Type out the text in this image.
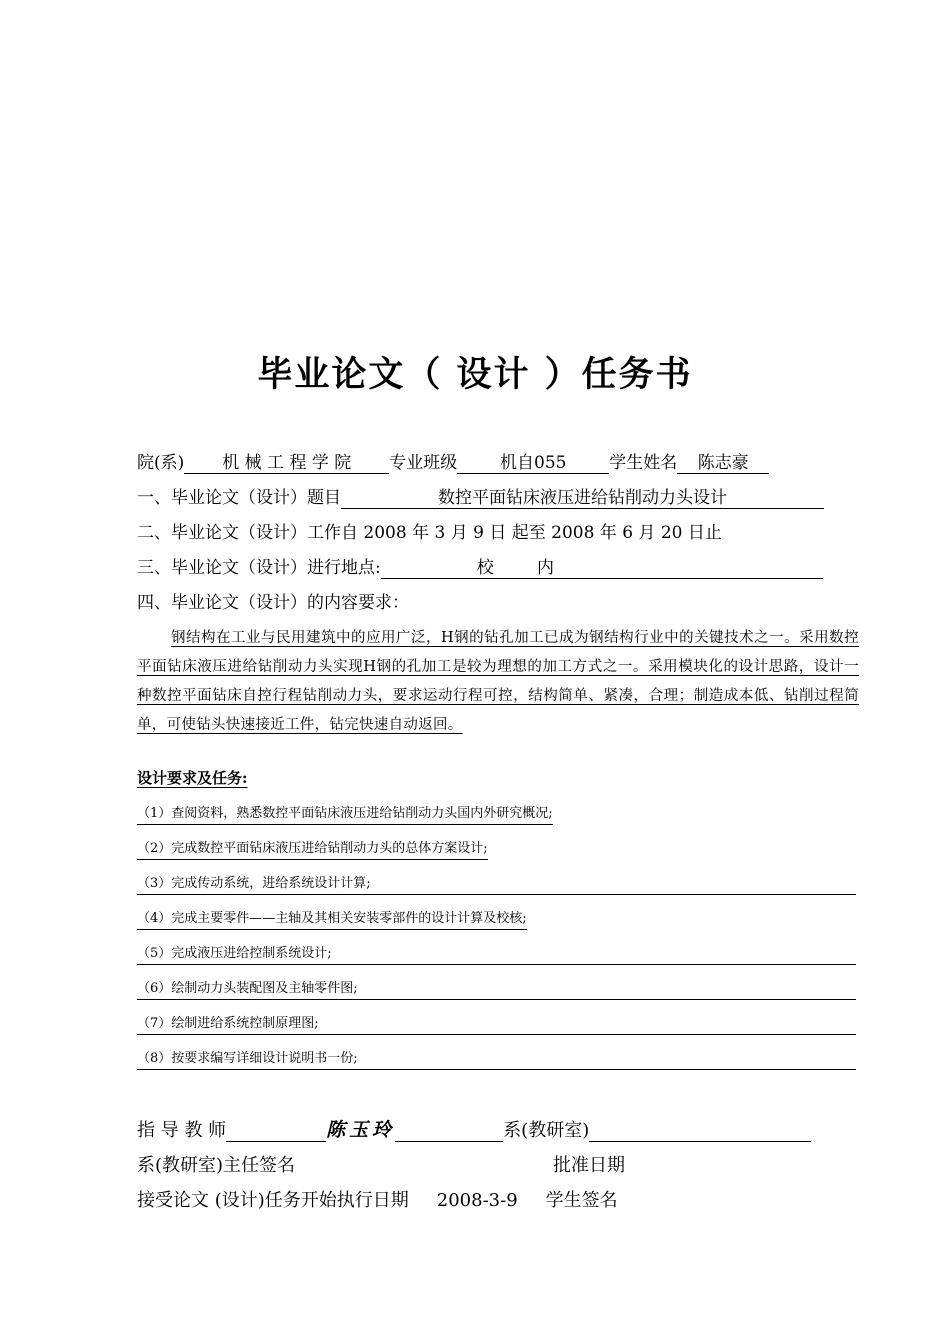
毕业论文（ 设计 ）任务书
院(系) 机 械 工 程 学 院 专业班级	机自055	学生姓名 陈志豪
一、毕业论文（设计）题目	数控平面钻床液压进给钻削动力头设计
二、毕业论文（设计）工作自 2008 年 3 月 9 日 起至 2008 年 6 月 20 日止
三、毕业论文（设计）进行地点:	校        内
四、毕业论文（设计）的内容要求：
钢结构在工业与民用建筑中的应用广泛，H钢的钻孔加工已成为钢结构行业中的关键技术之一。采用数控平面钻床液压进给钻削动力头实现H钢的孔加工是较为理想的加工方式之一。采用模块化的设计思路，设计一种数控平面钻床自控行程钻削动力头，要求运动行程可控，结构简单、紧凑，合理；制造成本低、钻削过程简单，可使钻头快速接近工件，钻完快速自动返回。
设计要求及任务:
（1）查阅资料，熟悉数控平面钻床液压进给钻削动力头国内外研究概况;
（2）完成数控平面钻床液压进给钻削动力头的总体方案设计;
（3）完成传动系统，进给系统设计计算;
（4）完成主要零件——主轴及其相关安装零部件的设计计算及校核;
（5）完成液压进给控制系统设计;
（6）绘制动力头装配图及主轴零件图;
（7）绘制进给系统控制原理图;
（8）按要求编写详细设计说明书一份;
指 导 教 师	陈玉玲	系(教研室)
系(教研室)主任签名	批准日期
接受论文 (设计)任务开始执行日期 2008-3-9 学生签名
